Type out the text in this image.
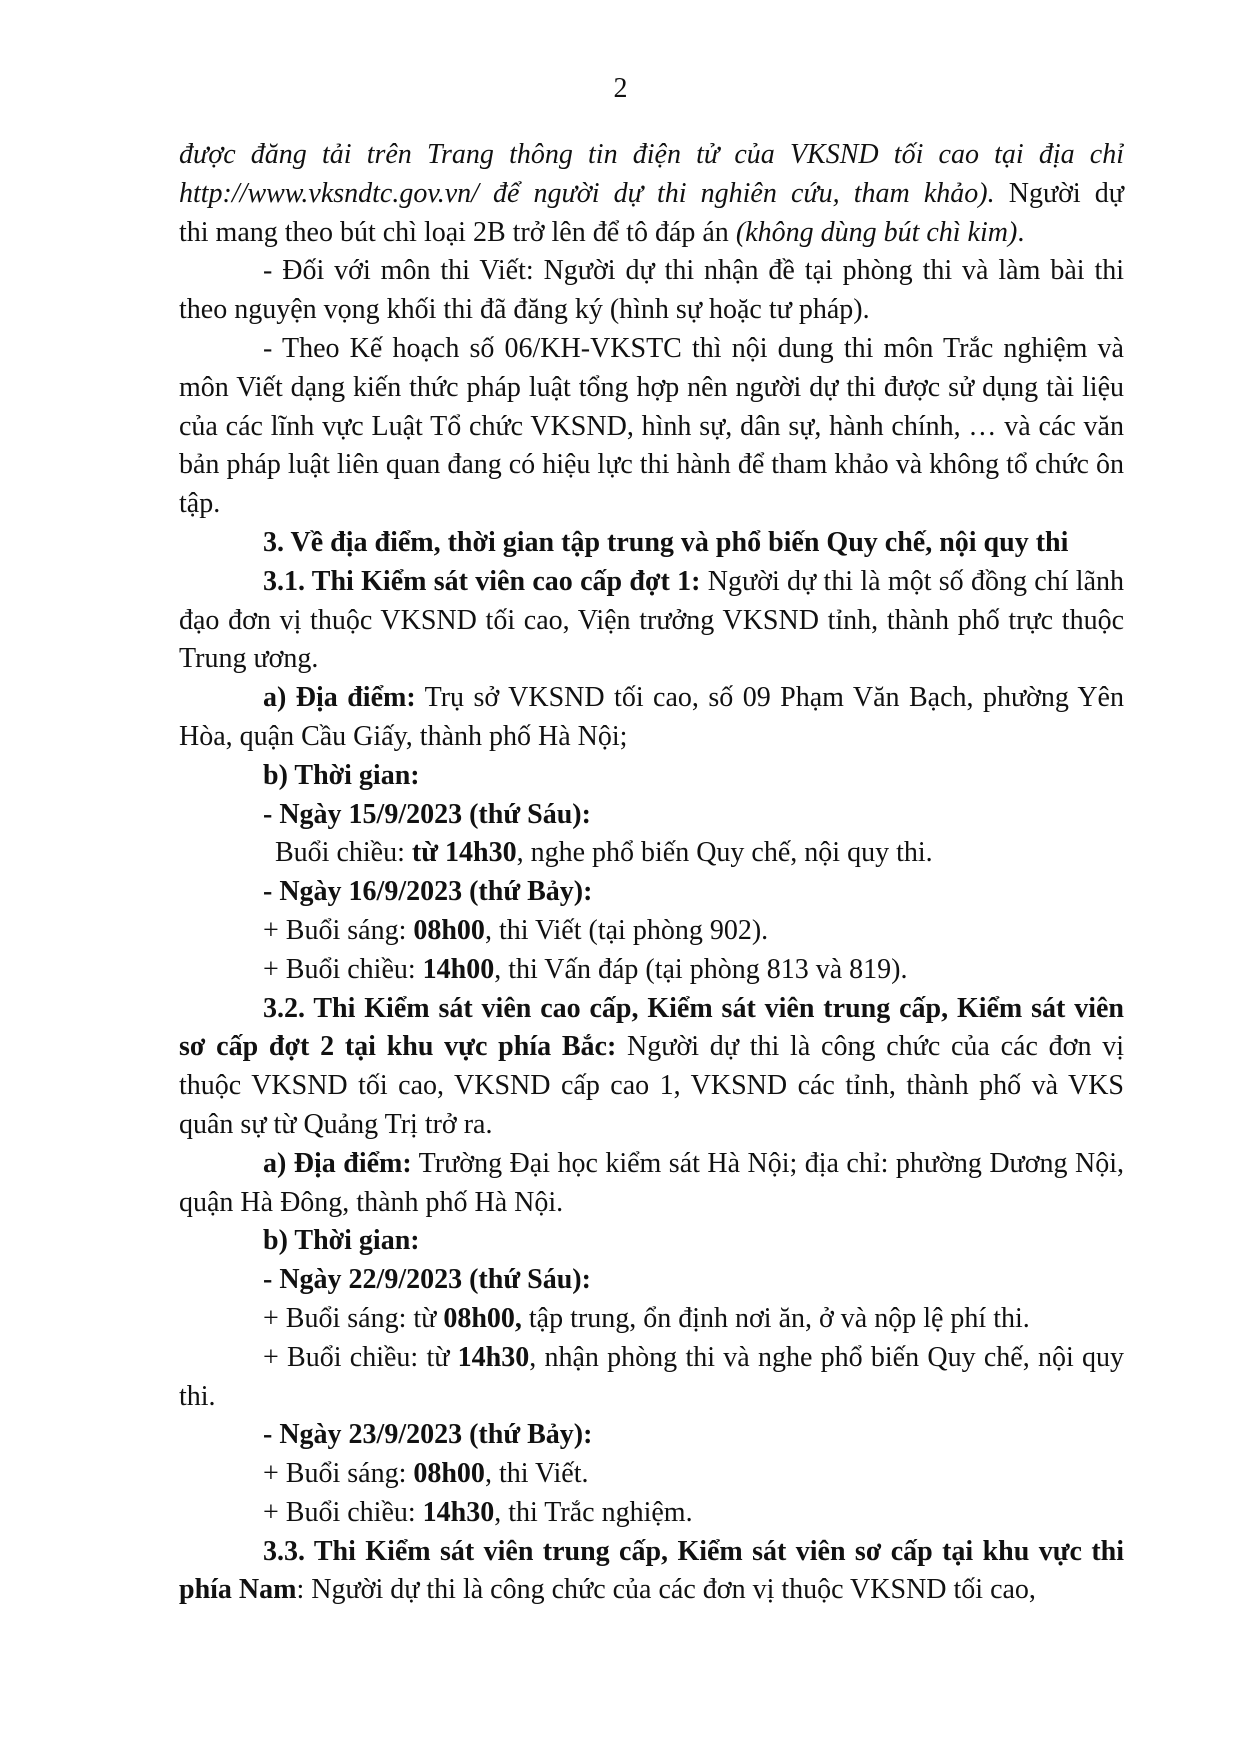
2

được đăng tải trên Trang thông tin điện tử của VKSND tối cao tại địa chỉ

http://www.vksndtc.gov.vn/ để người dự thi nghiên cứu, tham khảo). Người dự

thi mang theo bút chì loại 2B trở lên để tô đáp án (không dùng bút chì kim).

- Đối với môn thi Viết: Người dự thi nhận đề tại phòng thi và làm bài thi theo nguyện vọng khối thi đã đăng ký (hình sự hoặc tư pháp).

- Theo Kế hoạch số 06/KH-VKSTC thì nội dung thi môn Trắc nghiệm và môn Viết dạng kiến thức pháp luật tổng hợp nên người dự thi được sử dụng tài liệu của các lĩnh vực Luật Tổ chức VKSND, hình sự, dân sự, hành chính, … và các văn bản pháp luật liên quan đang có hiệu lực thi hành để tham khảo và không tổ chức ôn tập.

3. Về địa điểm, thời gian tập trung và phổ biến Quy chế, nội quy thi

3.1. Thi Kiểm sát viên cao cấp đợt 1: Người dự thi là một số đồng chí lãnh đạo đơn vị thuộc VKSND tối cao, Viện trưởng VKSND tỉnh, thành phố trực thuộc Trung ương.

a) Địa điểm: Trụ sở VKSND tối cao, số 09 Phạm Văn Bạch, phường Yên Hòa, quận Cầu Giấy, thành phố Hà Nội;

b) Thời gian:

- Ngày 15/9/2023 (thứ Sáu):

Buổi chiều: từ 14h30, nghe phổ biến Quy chế, nội quy thi.

- Ngày 16/9/2023 (thứ Bảy):

+ Buổi sáng: 08h00, thi Viết (tại phòng 902).

+ Buổi chiều: 14h00, thi Vấn đáp (tại phòng 813 và 819).

3.2. Thi Kiểm sát viên cao cấp, Kiểm sát viên trung cấp, Kiểm sát viên sơ cấp đợt 2 tại khu vực phía Bắc: Người dự thi là công chức của các đơn vị thuộc VKSND tối cao, VKSND cấp cao 1, VKSND các tỉnh, thành phố và VKS quân sự từ Quảng Trị trở ra.

a) Địa điểm: Trường Đại học kiểm sát Hà Nội; địa chỉ: phường Dương Nội, quận Hà Đông, thành phố Hà Nội.

b) Thời gian:

- Ngày 22/9/2023 (thứ Sáu):

+ Buổi sáng: từ 08h00, tập trung, ổn định nơi ăn, ở và nộp lệ phí thi.

+ Buổi chiều: từ 14h30, nhận phòng thi và nghe phổ biến Quy chế, nội quy thi.

- Ngày 23/9/2023 (thứ Bảy):

+ Buổi sáng: 08h00, thi Viết.

+ Buổi chiều: 14h30, thi Trắc nghiệm.

3.3. Thi Kiểm sát viên trung cấp, Kiểm sát viên sơ cấp tại khu vực thi phía Nam: Người dự thi là công chức của các đơn vị thuộc VKSND tối cao,
